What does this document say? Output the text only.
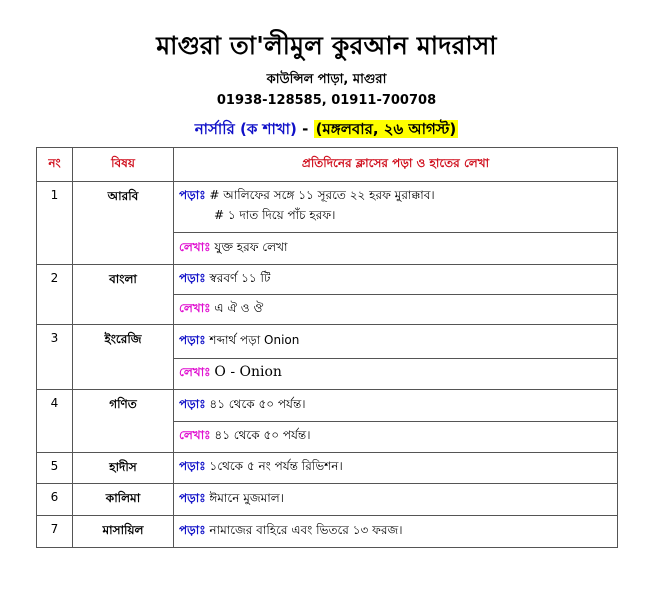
মাগুরা তা'লীমুল কুরআন মাদরাসা
কাউন্সিল পাড়া, মাগুরা
01938-128585, 01911-700708
নার্সারি (ক শাখা) - (মঙ্গলবার, ২৬ আগস্ট)
নং	বিষয়	প্রতিদিনের ক্লাসের পড়া ও হাতের লেখা
1	আরবি	পড়াঃ # আলিফের সঙ্গে ১১ সূরতে ২২ হরফ মুরাক্কাব।
# ১ দাত দিয়ে পাঁচ হরফ।

		লেখাঃ যুক্ত হরফ লেখা
2	বাংলা	পড়াঃ স্বরবর্ণ ১১ টি
		লেখাঃ এ ঐ ও ঔ
3	ইংরেজি	পড়াঃ শব্দার্থ পড়া Onion
		লেখাঃ O - Onion
4	গণিত	পড়াঃ ৪১ থেকে ৫০ পর্যন্ত।
		লেখাঃ ৪১ থেকে ৫০ পর্যন্ত।
5	হাদীস	পড়াঃ ১থেকে ৫ নং পর্যন্ত রিভিশন।
6	কালিমা	পড়াঃ ঈমানে মুজমাল।
7	মাসায়িল	পড়াঃ নামাজের বাহিরে এবং ভিতরে ১৩ ফরজ।
